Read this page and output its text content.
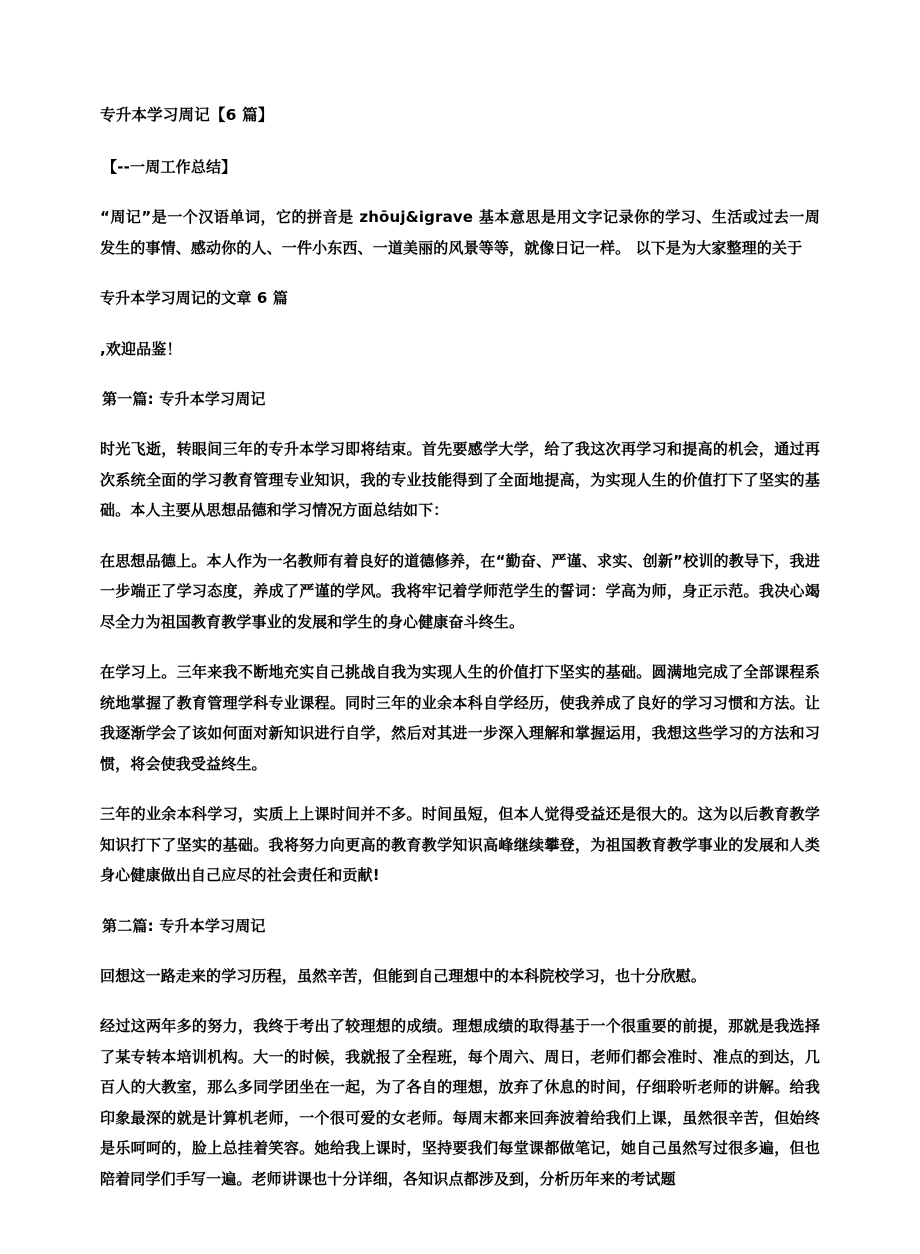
专升本学习周记【6 篇】
【--一周工作总结】

“周记”是一个汉语单词，它的拼音是 zhōuj&igrave 基本意思是用文字记录你的学习、生活或过去一周发生的事情、感动你的人、一件小东西、一道美丽的风景等等，就像日记一样。 以下是为大家整理的关于

专升本学习周记的文章 6 篇

,欢迎品鉴！

第一篇: 专升本学习周记

时光飞逝，转眼间三年的专升本学习即将结束。首先要感学大学，给了我这次再学习和提高的机会，通过再次系统全面的学习教育管理专业知识，我的专业技能得到了全面地提高，为实现人生的价值打下了坚实的基础。本人主要从思想品德和学习情况方面总结如下：

在思想品德上。本人作为一名教师有着良好的道德修养，在“勤奋、严谨、求实、创新”校训的教导下，我进一步端正了学习态度，养成了严谨的学风。我将牢记着学师范学生的誓词：学高为师，身正示范。我决心竭尽全力为祖国教育教学事业的发展和学生的身心健康奋斗终生。

在学习上。三年来我不断地充实自己挑战自我为实现人生的价值打下坚实的基础。圆满地完成了全部课程系统地掌握了教育管理学科专业课程。同时三年的业余本科自学经历，使我养成了良好的学习习惯和方法。让我逐渐学会了该如何面对新知识进行自学，然后对其进一步深入理解和掌握运用，我想这些学习的方法和习惯，将会使我受益终生。

三年的业余本科学习，实质上上课时间并不多。时间虽短，但本人觉得受益还是很大的。这为以后教育教学知识打下了坚实的基础。我将努力向更高的教育教学知识高峰继续攀登，为祖国教育教学事业的发展和人类身心健康做出自己应尽的社会责任和贡献!

第二篇: 专升本学习周记

回想这一路走来的学习历程，虽然辛苦，但能到自己理想中的本科院校学习，也十分欣慰。

经过这两年多的努力，我终于考出了较理想的成绩。理想成绩的取得基于一个很重要的前提，那就是我选择了某专转本培训机构。大一的时候，我就报了全程班，每个周六、周日，老师们都会准时、准点的到达，几百人的大教室，那么多同学团坐在一起，为了各自的理想，放弃了休息的时间，仔细聆听老师的讲解。给我印象最深的就是计算机老师，一个很可爱的女老师。每周末都来回奔波着给我们上课，虽然很辛苦，但始终是乐呵呵的，脸上总挂着笑容。她给我上课时，坚持要我们每堂课都做笔记，她自己虽然写过很多遍，但也陪着同学们手写一遍。老师讲课也十分详细，各知识点都涉及到，分析历年来的考试题
